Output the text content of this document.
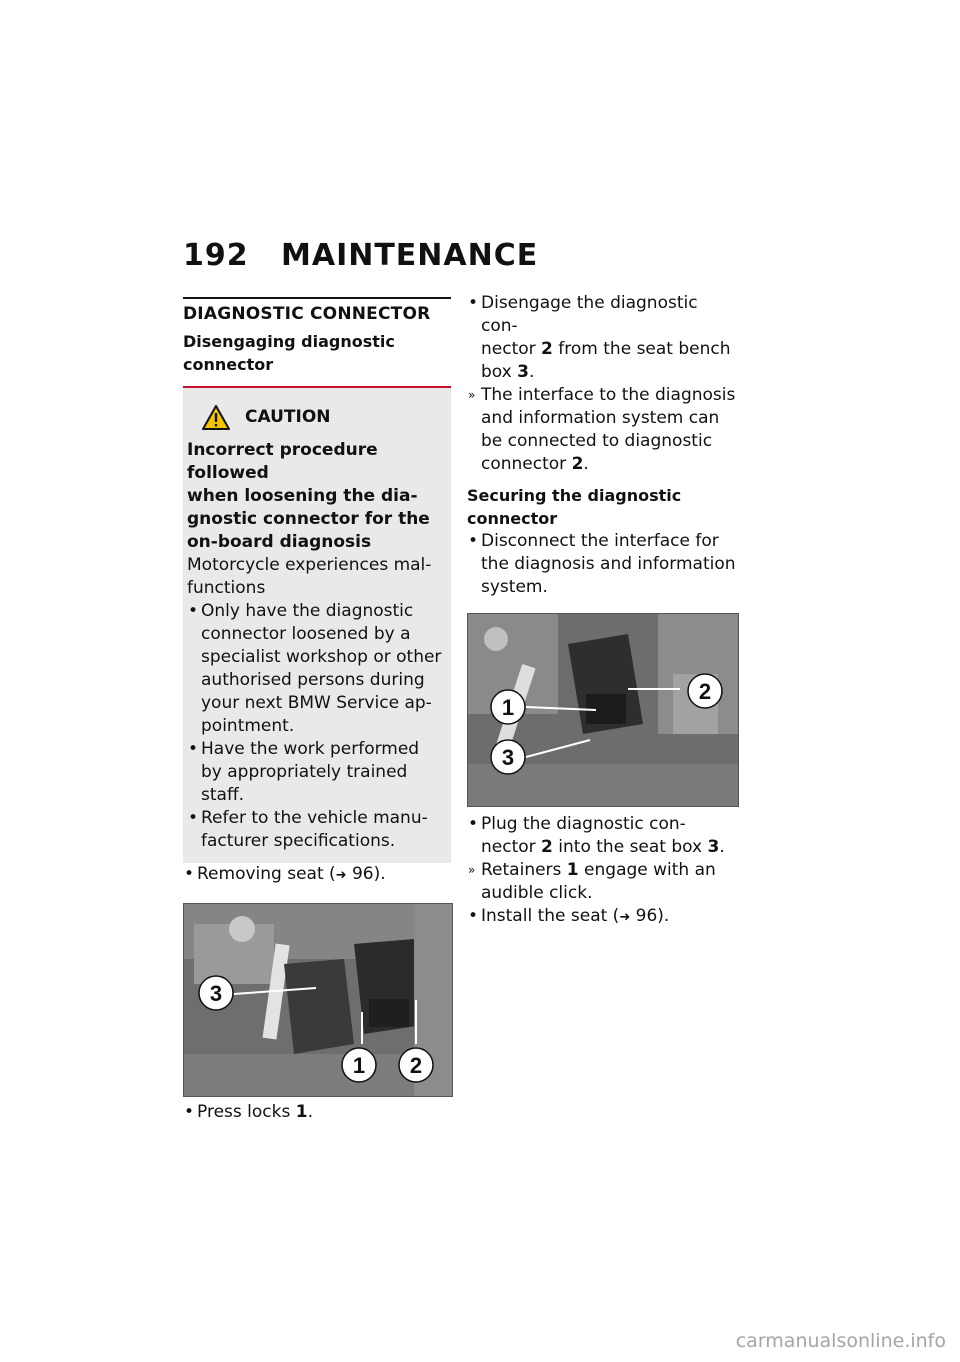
192 MAINTENANCE
DIAGNOSTIC CONNECTOR
Disengaging diagnostic connector
CAUTION
Incorrect procedure followed
when loosening the dia-
gnostic connector for the
on-board diagnosis
Motorcycle experiences mal-
functions
• Only have the diagnostic
connector loosened by a
specialist workshop or other
authorised persons during
your next BMW Service ap-
pointment.
• Have the work performed
by appropriately trained
staff.
• Refer to the vehicle manu-
facturer specifications.
• Removing seat (➜ 96).
3
1 2
• Press locks 1.
• Disengage the diagnostic con-
nector 2 from the seat bench
box 3.
» The interface to the diagnosis
and information system can
be connected to diagnostic
connector 2.
Securing the diagnostic connector
• Disconnect the interface for
the diagnosis and information
system.
2
1
3
• Plug the diagnostic con-
nector 2 into the seat box 3.
» Retainers 1 engage with an
audible click.
• Install the seat (➜ 96).
carmanualsonline.info
